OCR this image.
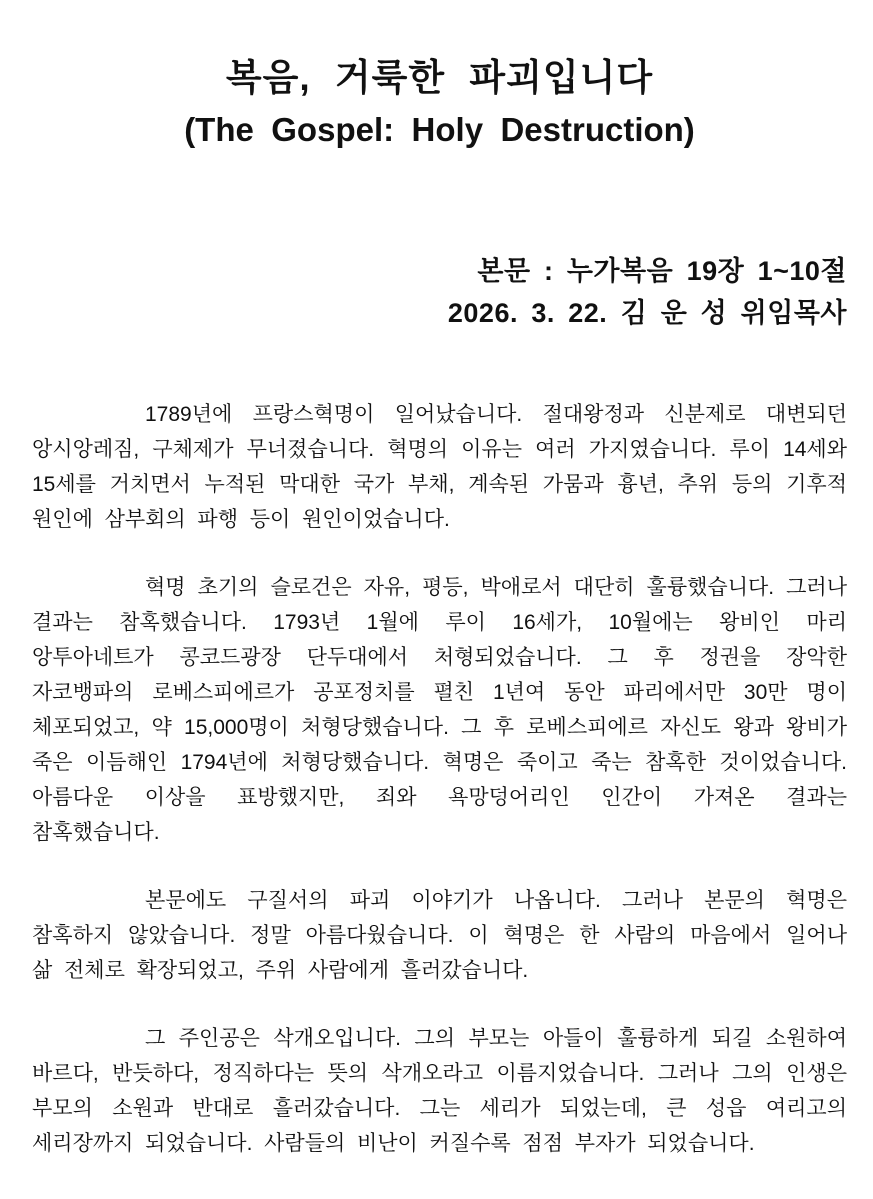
복음, 거룩한 파괴입니다
(The Gospel: Holy Destruction)
본문 : 누가복음 19장 1~10절
2026. 3. 22. 김 운 성 위임목사

1789년에 프랑스혁명이 일어났습니다. 절대왕정과 신분제로 대변되던 앙시앙레짐, 구체제가 무너졌습니다. 혁명의 이유는 여러 가지였습니다. 루이 14세와 15세를 거치면서 누적된 막대한 국가 부채, 계속된 가뭄과 흉년, 추위 등의 기후적 원인에 삼부회의 파행 등이 원인이었습니다.

혁명 초기의 슬로건은 자유, 평등, 박애로서 대단히 훌륭했습니다. 그러나 결과는 참혹했습니다. 1793년 1월에 루이 16세가, 10월에는 왕비인 마리 앙투아네트가 콩코드광장 단두대에서 처형되었습니다. 그 후 정권을 장악한 자코뱅파의 로베스피에르가 공포정치를 펼친 1년여 동안 파리에서만 30만 명이 체포되었고, 약 15,000명이 처형당했습니다. 그 후 로베스피에르 자신도 왕과 왕비가 죽은 이듬해인 1794년에 처형당했습니다. 혁명은 죽이고 죽는 참혹한 것이었습니다. 아름다운 이상을 표방했지만, 죄와 욕망덩어리인 인간이 가져온 결과는 참혹했습니다.

본문에도 구질서의 파괴 이야기가 나옵니다. 그러나 본문의 혁명은 참혹하지 않았습니다. 정말 아름다웠습니다. 이 혁명은 한 사람의 마음에서 일어나 삶 전체로 확장되었고, 주위 사람에게 흘러갔습니다.

그 주인공은 삭개오입니다. 그의 부모는 아들이 훌륭하게 되길 소원하여 바르다, 반듯하다, 정직하다는 뜻의 삭개오라고 이름지었습니다. 그러나 그의 인생은 부모의 소원과 반대로 흘러갔습니다. 그는 세리가 되었는데, 큰 성읍 여리고의 세리장까지 되었습니다. 사람들의 비난이 커질수록 점점 부자가 되었습니다.
